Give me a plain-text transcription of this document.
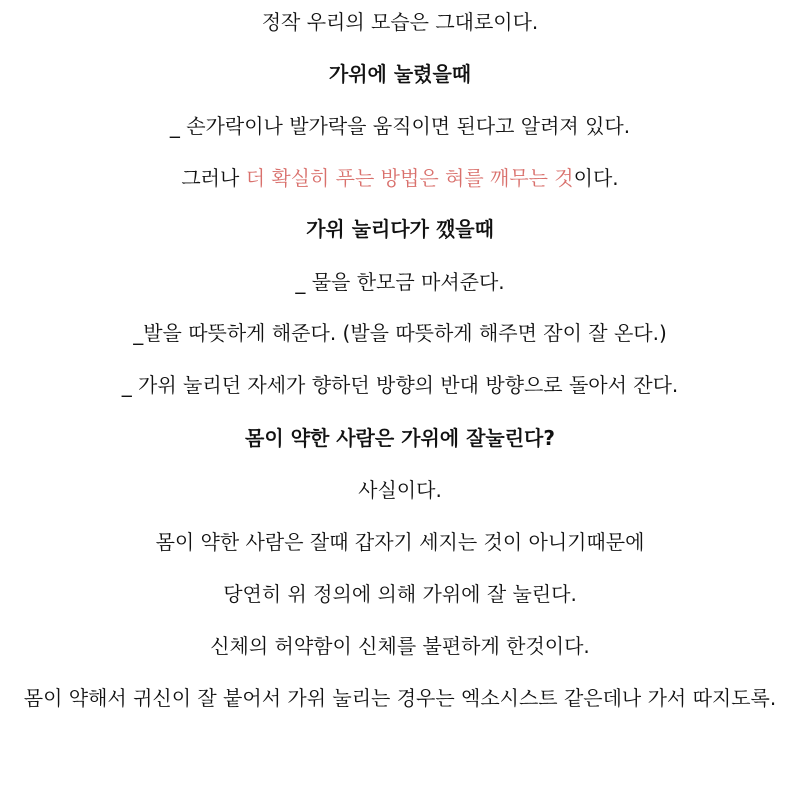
정작 우리의 모습은 그대로이다.
가위에 눌렸을때
_ 손가락이나 발가락을 움직이면 된다고 알려져 있다.
그러나 더 확실히 푸는 방법은 혀를 깨무는 것이다.
가위 눌리다가 깼을때
_ 물을 한모금 마셔준다.
_발을 따뜻하게 해준다. (발을 따뜻하게 해주면 잠이 잘 온다.)
_ 가위 눌리던 자세가 향하던 방향의 반대 방향으로 돌아서 잔다.
몸이 약한 사람은 가위에 잘눌린다?
사실이다.
몸이 약한 사람은 잘때 갑자기 세지는 것이 아니기때문에
당연히 위 정의에 의해 가위에 잘 눌린다.
신체의 허약함이 신체를 불편하게 한것이다.
몸이 약해서 귀신이 잘 붙어서 가위 눌리는 경우는 엑소시스트 같은데나 가서 따지도록.
